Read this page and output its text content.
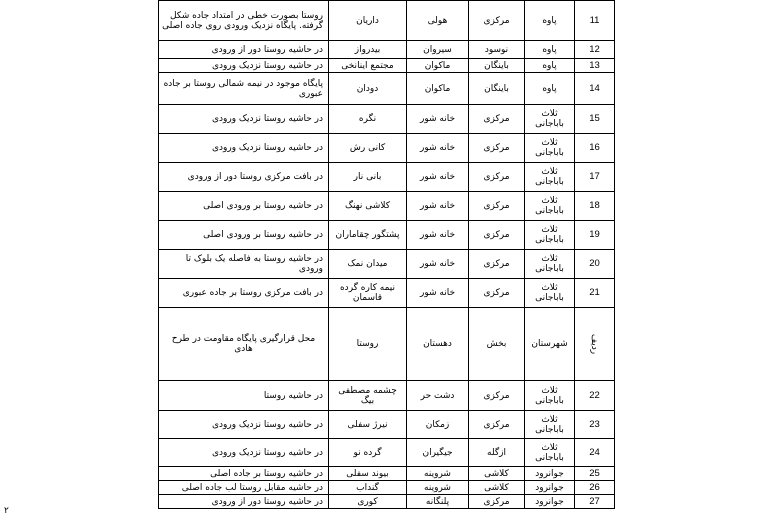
11	پاوه	مرکزی	هولی	داریان	روستا بصورت خطی در امتداد جاده شکل گرفته. پایگاه نزدیک ورودی روی جاده اصلی
12	پاوه	نوسود	سیروان	بیدرواز	در حاشیه روستا دور از ورودی
13	پاوه	باینگان	ماکوان	مجتمع اینانخی	در حاشیه روستا نزدیک ورودی
14	پاوه	باینگان	ماکوان	دودان	پایگاه موجود در نیمه شمالی روستا بر جاده عبوری
15	ثلاث باباجانی	مرکزی	خانه شور	نگره	در حاشیه روستا نزدیک ورودی
16	ثلاث باباجانی	مرکزی	خانه شور	کانی رش	در حاشیه روستا نزدیک ورودی
17	ثلاث باباجانی	مرکزی	خانه شور	بانی نار	در بافت مرکزی روستا دور از ورودی
18	ثلاث باباجانی	مرکزی	خانه شور	کلاشی نهنگ	در حاشیه روستا بر ورودی اصلی
19	ثلاث باباجانی	مرکزی	خانه شور	پشتگور چقاماران	در حاشیه روستا بر ورودی اصلی
20	ثلاث باباجانی	مرکزی	خانه شور	میدان نمک	در حاشیه روستا به فاصله یک بلوک تا ورودی
21	ثلاث باباجانی	مرکزی	خانه شور	نیمه کاره گرده قاسمان	در بافت مرکزی روستا بر جاده عبوری
ردیف	شهرستان	بخش	دهستان	روستا	محل قرارگیری پایگاه مقاومت در طرح هادی
22	ثلاث باباجانی	مرکزی	دشت حر	چشمه مصطفی بیگ	در حاشیه روستا
23	ثلاث باباجانی	مرکزی	زمکان	نیرژ سفلی	در حاشیه روستا نزدیک ورودی
24	ثلاث باباجانی	ازگله	جیگیران	گرده نو	در حاشیه روستا نزدیک ورودی
25	جوانرود	کلاشی	شروینه	بیوند سفلی	در حاشیه روستا بر جاده اصلی
26	جوانرود	کلاشی	شروینه	گنداب	در حاشیه مقابل روستا لب جاده اصلی
27	جوانرود	مرکزی	پلنگانه	کوری	در حاشیه روستا دور از ورودی
۲
